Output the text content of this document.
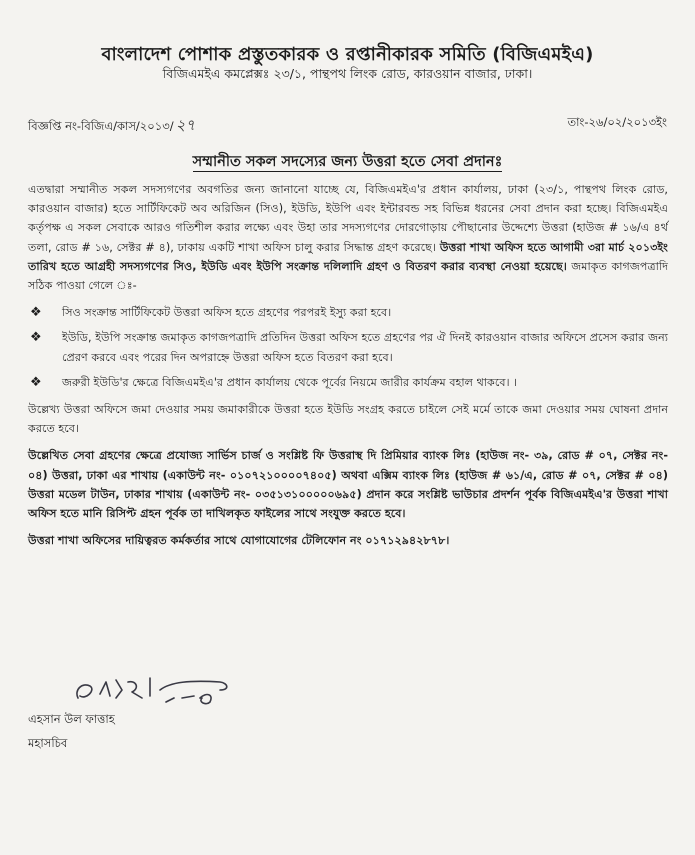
বাংলাদেশ পোশাক প্রস্তুতকারক ও রপ্তানীকারক সমিতি (বিজিএমইএ)
বিজিএমইএ কমপ্লেক্সঃ ২৩/১, পান্থপথ লিংক রোড, কারওয়ান বাজার, ঢাকা।
বিজ্ঞপ্তি নং-বিজিএ/কাস/২০১৩/ ২৭	তাং-২৬/০২/২০১৩ইং
সম্মানীত সকল সদস্যের জন্য উত্তরা হতে সেবা প্রদানঃ

এতদ্বারা সম্মানীত সকল সদস্যগণের অবগতির জন্য জানানো যাচ্ছে যে, বিজিএমইএ'র প্রধান কার্যালয়, ঢাকা (২৩/১, পান্থপথ লিংক রোড, কারওয়ান বাজার) হতে সার্টিফিকেট অব অরিজিন (সিও), ইউডি, ইউপি এবং ইন্টারবন্ড সহ বিভিন্ন ধরনের সেবা প্রদান করা হচ্ছে। বিজিএমইএ কর্তৃপক্ষ এ সকল সেবাকে আরও গতিশীল করার লক্ষ্যে এবং উহা তার সদস্যগণের দোরগোড়ায় পৌছানোর উদ্দেশ্যে উত্তরা (হাউজ # ১৬/এ ৪র্থ তলা, রোড # ১৬, সেক্টর # ৪), ঢাকায় একটি শাখা অফিস চালু করার সিদ্ধান্ত গ্রহণ করেছে। উত্তরা শাখা অফিস হতে আগামী ৩রা মার্চ ২০১৩ইং তারিখ হতে আগ্রহী সদস্যগণের সিও, ইউডি এবং ইউপি সংক্রান্ত দলিলাদি গ্রহণ ও বিতরণ করার ব্যবস্থা নেওয়া হয়েছে। জমাকৃত কাগজপত্রাদি সঠিক পাওয়া গেলে ঃ-

❖ সিও সংক্রান্ত সার্টিফিকেট উত্তরা অফিস হতে গ্রহণের পরপরই ইস্যু করা হবে।
❖ ইউডি, ইউপি সংক্রান্ত জমাকৃত কাগজপত্রাদি প্রতিদিন উত্তরা অফিস হতে গ্রহণের পর ঐ দিনই কারওয়ান বাজার অফিসে প্রসেস করার জন্য প্রেরণ করবে এবং পরের দিন অপরাহ্নে উত্তরা অফিস হতে বিতরণ করা হবে।
❖ জরুরী ইউডি'র ক্ষেত্রে বিজিএমইএ'র প্রধান কার্যালয় থেকে পূর্বের নিয়মে জারীর কার্যক্রম বহাল থাকবে। ।

উল্লেখ্য উত্তরা অফিসে জমা দেওয়ার সময় জমাকারীকে উত্তরা হতে ইউডি সংগ্রহ করতে চাইলে সেই মর্মে তাকে জমা দেওয়ার সময় ঘোষনা প্রদান করতে হবে।

উল্লেখিত সেবা গ্রহণের ক্ষেত্রে প্রযোজ্য সার্ভিস চার্জ ও সংশ্লিষ্ট ফি উত্তরাস্থ দি প্রিমিয়ার ব্যাংক লিঃ (হাউজ নং- ৩৯, রোড # ০৭, সেক্টর নং- ০৪) উত্তরা, ঢাকা এর শাখায় (একাউন্ট নং- ০১০৭২১০০০০৭৪০৫) অথবা এক্সিম ব্যাংক লিঃ (হাউজ # ৬১/এ, রোড # ০৭, সেক্টর # ০৪) উত্তরা মডেল টাউন, ঢাকার শাখায় (একাউন্ট নং- ০৩৫১৩১০০০০০৬৯৫) প্রদান করে সংশ্লিষ্ট ভাউচার প্রদর্শন পূর্বক বিজিএমইএ'র উত্তরা শাখা অফিস হতে মানি রিসিপ্ট গ্রহন পূর্বক তা দাখিলকৃত ফাইলের সাথে সংযুক্ত করতে হবে।

উত্তরা শাখা অফিসের দায়িত্বরত কর্মকর্তার সাথে যোগাযোগের টেলিফোন নং ০১৭১২৯৪২৮৭৮।

এহসান উল ফাত্তাহ
মহাসচিব
